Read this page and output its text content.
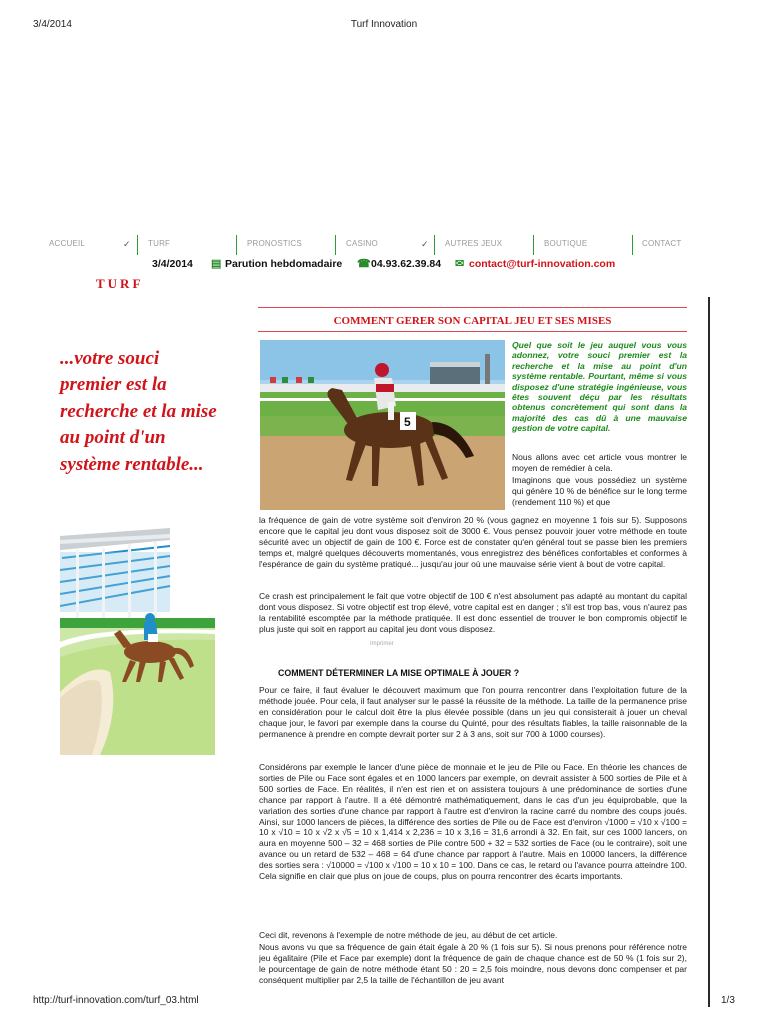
3/4/2014	Turf Innovation
ACCUEIL	✓ TURF	PRONOSTICS	CASINO	✓ AUTRES JEUX	BOUTIQUE	CONTACT
3/4/2014 ▤ Parution hebdomadaire ☎ 04.93.62.39.84 ✉ contact@turf-innovation.com
TURF
COMMENT GERER SON CAPITAL JEU ET SES MISES
...votre souci premier est la recherche et la mise au point d'un système rentable...
5
Quel que soit le jeu auquel vous vous adonnez, votre souci premier est la recherche et la mise au point d'un système rentable. Pourtant, même si vous disposez d'une stratégie ingénieuse, vous êtes souvent déçu par les résultats obtenus concrètement qui sont dans la majorité des cas dû à une mauvaise gestion de votre capital.
Nous allons avec cet article vous montrer le moyen de remédier à cela.
Imaginons que vous possédiez un système qui génère 10 % de bénéfice sur le long terme (rendement 110 %) et que
la fréquence de gain de votre système soit d'environ 20 % (vous gagnez en moyenne 1 fois sur 5). Supposons encore que le capital jeu dont vous disposez soit de 3000 €. Vous pensez pouvoir jouer votre méthode en toute sécurité avec un objectif de gain de 100 €. Force est de constater qu'en général tout se passe bien les premiers temps et, malgré quelques découverts momentanés, vous enregistrez des bénéfices confortables et conformes à l'espérance de gain du système pratiqué... jusqu'au jour où une mauvaise série vient à bout de votre capital.
Ce crash est principalement le fait que votre objectif de 100 € n'est absolument pas adapté au montant du capital dont vous disposez. Si votre objectif est trop élevé, votre capital est en danger ; s'il est trop bas, vous n'aurez pas la rentabilité escomptée par la méthode pratiquée. Il est donc essentiel de trouver le bon compromis objectif le plus juste qui soit en rapport au capital jeu dont vous disposez.
Imprimer
COMMENT DÉTERMINER LA MISE OPTIMALE À JOUER ?
Pour ce faire, il faut évaluer le découvert maximum que l'on pourra rencontrer dans l'exploitation future de la méthode jouée. Pour cela, il faut analyser sur le passé la réussite de la méthode. La taille de la permanence prise en considération pour le calcul doit être la plus élevée possible (dans un jeu qui consisterait à jouer un cheval chaque jour, le favori par exemple dans la course du Quinté, pour des résultats fiables, la taille raisonnable de la permanence à prendre en compte devrait porter sur 2 à 3 ans, soit sur 700 à 1000 courses).
Considérons par exemple le lancer d'une pièce de monnaie et le jeu de Pile ou Face. En théorie les chances de sorties de Pile ou Face sont égales et en 1000 lancers par exemple, on devrait assister à 500 sorties de Pile et à 500 sorties de Face. En réalités, il n'en est rien et on assistera toujours à une prédominance de sorties d'une chance par rapport à l'autre. Il a été démontré mathématiquement, dans le cas d'un jeu équiprobable, que la variation des sorties d'une chance par rapport à l'autre est d'environ la racine carré du nombre des coups joués. Ainsi, sur 1000 lancers de pièces, la différence des sorties de Pile ou de Face est d'environ √1000 = √10 x √100 = 10 x √10 = 10 x √2 x √5 = 10 x 1,414 x 2,236 = 10 x 3,16 = 31,6 arrondi à 32. En fait, sur ces 1000 lancers, on aura en moyenne 500 – 32 = 468 sorties de Pile contre 500 + 32 = 532 sorties de Face (ou le contraire), soit une avance ou un retard de 532 – 468 = 64 d'une chance par rapport à l'autre. Mais en 10000 lancers, la différence des sorties sera : √10000 = √100 x √100 = 10 x 10 = 100. Dans ce cas, le retard ou l'avance pourra atteindre 100. Cela signifie en clair que plus on joue de coups, plus on pourra rencontrer des écarts importants.
Ceci dit, revenons à l'exemple de notre méthode de jeu, au début de cet article.
Nous avons vu que sa fréquence de gain était égale à 20 % (1 fois sur 5). Si nous prenons pour référence notre jeu égalitaire (Pile et Face par exemple) dont la fréquence de gain de chaque chance est de 50 % (1 fois sur 2), le pourcentage de gain de notre méthode étant 50 : 20 = 2,5 fois moindre, nous devons donc compenser et par conséquent multiplier par 2,5 la taille de l'échantillon de jeu avant
http://turf-innovation.com/turf_03.html	1/3
